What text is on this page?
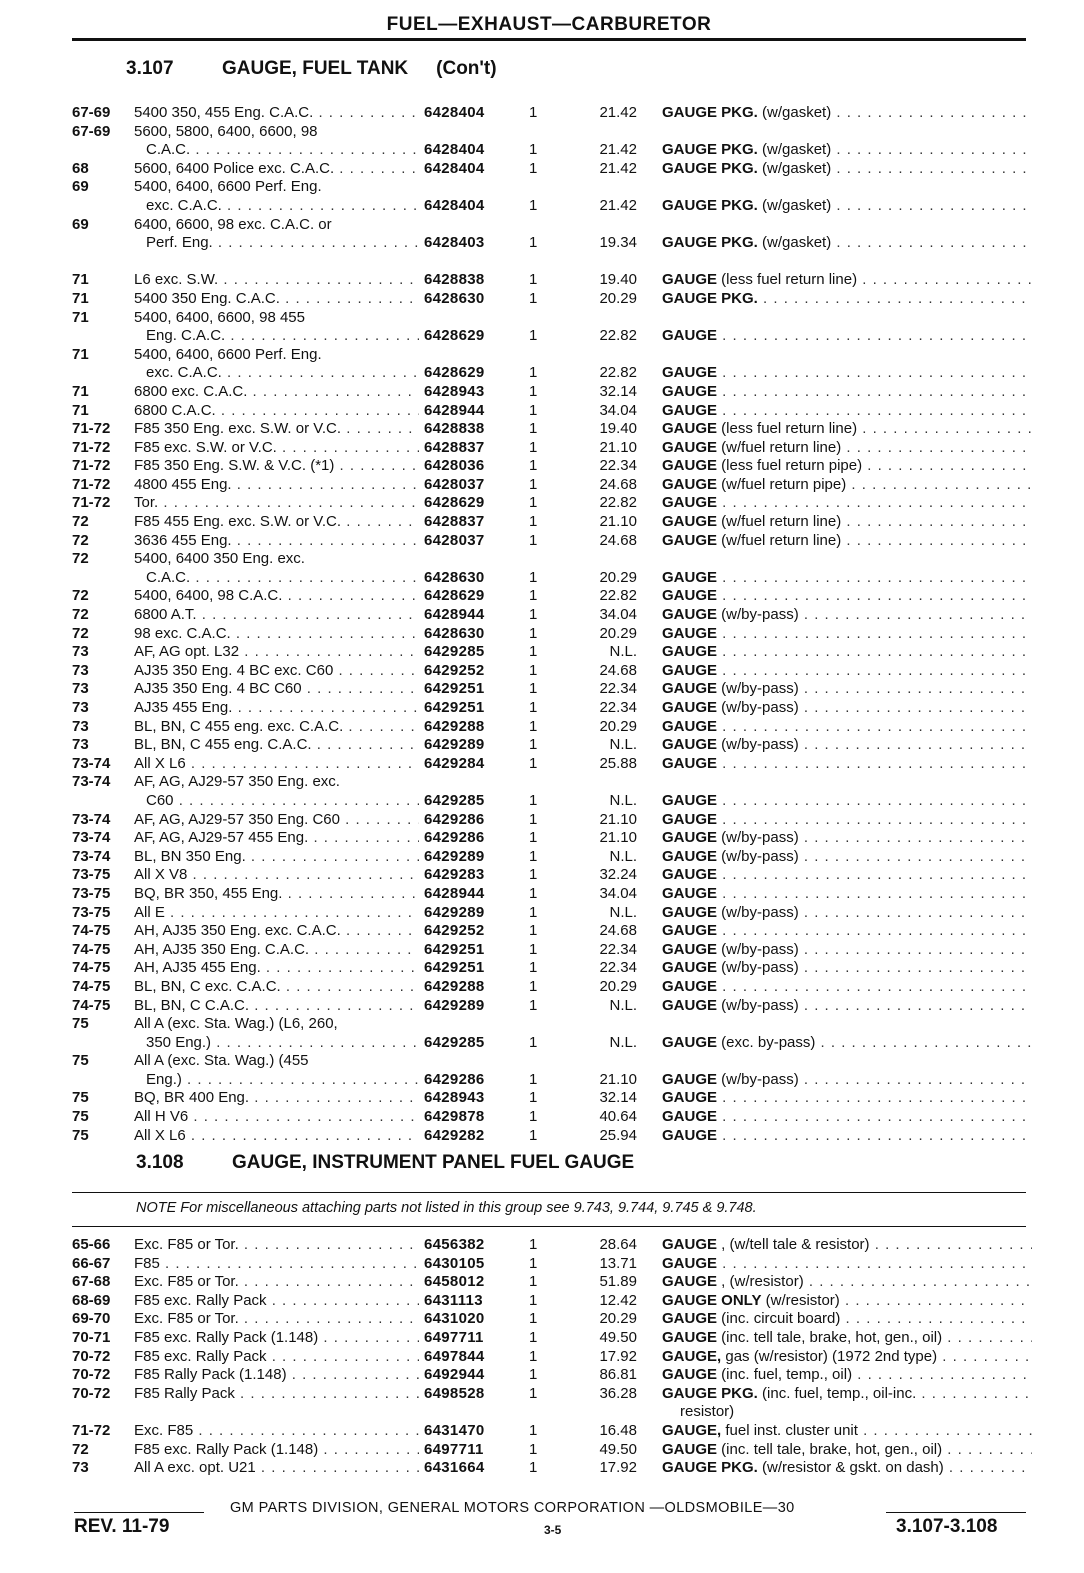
FUEL—EXHAUST—CARBURETOR
3.107	GAUGE, FUEL TANK (Con't)
67-69 5400 350, 455 Eng. C.A.C. . . .	6428404	1	21.42 GAUGE PKG. (w/gasket) . . .
67-69 5600, 5800, 6400, 6600, 98
C.A.C. . . .	6428404	1	21.42 GAUGE PKG. (w/gasket) . . .
68	5600, 6400 Police exc. C.A.C. . . .	6428404	1	21.42 GAUGE PKG. (w/gasket) . . .
69	5400, 6400, 6600 Perf. Eng.
exc. C.A.C. . . .	6428404	1	21.42 GAUGE PKG. (w/gasket) . . .
69	6400, 6600, 98 exc. C.A.C. or
Perf. Eng. . . .	6428403	1	19.34 GAUGE PKG. (w/gasket) . . .
71	L6 exc. S.W. . . .	6428838	1	19.40 GAUGE (less fuel return line) . . .
71	5400 350 Eng. C.A.C. . . .	6428630	1	20.29 GAUGE PKG. . . .
71	5400, 6400, 6600, 98 455
Eng. C.A.C. . . .	6428629	1	22.82 GAUGE . . .
71	5400, 6400, 6600 Perf. Eng.
exc. C.A.C. . . .	6428629	1	22.82 GAUGE . . .
71	6800 exc. C.A.C. . . .	6428943	1	32.14 GAUGE . . .
71	6800 C.A.C. . . .	6428944	1	34.04 GAUGE . . .
71-72 F85 350 Eng. exc. S.W. or V.C. . . .	6428838	1	19.40 GAUGE (less fuel return line) . . .
71-72 F85 exc. S.W. or V.C. . . .	6428837	1	21.10 GAUGE (w/fuel return line) . . .
71-72 F85 350 Eng. S.W. & V.C. (*1) . . .	6428036	1	22.34 GAUGE (less fuel return pipe) . . .
71-72 4800 455 Eng. . . .	6428037	1	24.68 GAUGE (w/fuel return pipe) . . .
71-72 Tor. . . .	6428629	1	22.82 GAUGE . . .
72	F85 455 Eng. exc. S.W. or V.C. . . .	6428837	1	21.10 GAUGE (w/fuel return line) . . .
72	3636 455 Eng. . . .	6428037	1	24.68 GAUGE (w/fuel return line) . . .
72	5400, 6400 350 Eng. exc.
C.A.C. . . .	6428630	1	20.29 GAUGE . . .
72	5400, 6400, 98 C.A.C. . . .	6428629	1	22.82 GAUGE . . .
72	6800 A.T. . . .	6428944	1	34.04 GAUGE (w/by-pass) . . .
72	98 exc. C.A.C. . . .	6428630	1	20.29 GAUGE . . .
73	AF, AG opt. L32 . . .	6429285	1	N.L. GAUGE . . .
73	AJ35 350 Eng. 4 BC exc. C60 . . .	6429252	1	24.68 GAUGE . . .
73	AJ35 350 Eng. 4 BC C60 . . .	6429251	1	22.34 GAUGE (w/by-pass) . . .
73	AJ35 455 Eng. . . .	6429251	1	22.34 GAUGE (w/by-pass) . . .
73	BL, BN, C 455 eng. exc. C.A.C. . . .	6429288	1	20.29 GAUGE . . .
73	BL, BN, C 455 eng. C.A.C. . . .	6429289	1	N.L. GAUGE (w/by-pass) . . .
73-74 All X L6 . . .	6429284	1	25.88 GAUGE . . .
73-74 AF, AG, AJ29-57 350 Eng. exc.
C60 . . .	6429285	1	N.L. GAUGE . . .
73-74 AF, AG, AJ29-57 350 Eng. C60 . . .	6429286	1	21.10 GAUGE . . .
73-74 AF, AG, AJ29-57 455 Eng. . . .	6429286	1	21.10 GAUGE (w/by-pass) . . .
73-74 BL, BN 350 Eng. . . .	6429289	1	N.L. GAUGE (w/by-pass) . . .
73-75 All X V8 . . .	6429283	1	32.24 GAUGE . . .
73-75 BQ, BR 350, 455 Eng. . . .	6428944	1	34.04 GAUGE . . .
73-75 All E . . .	6429289	1	N.L. GAUGE (w/by-pass) . . .
74-75 AH, AJ35 350 Eng. exc. C.A.C. . . .	6429252	1	24.68 GAUGE . . .
74-75 AH, AJ35 350 Eng. C.A.C. . . .	6429251	1	22.34 GAUGE (w/by-pass) . . .
74-75 AH, AJ35 455 Eng. . . .	6429251	1	22.34 GAUGE (w/by-pass) . . .
74-75 BL, BN, C exc. C.A.C. . . .	6429288	1	20.29 GAUGE . . .
74-75 BL, BN, C C.A.C. . . .	6429289	1	N.L. GAUGE (w/by-pass) . . .
75	All A (exc. Sta. Wag.) (L6, 260,
350 Eng.) . . .	6429285	1	N.L. GAUGE (exc. by-pass) . . .
75	All A (exc. Sta. Wag.) (455
Eng.) . . .	6429286	1	21.10 GAUGE (w/by-pass) . . .
75	BQ, BR 400 Eng. . . .	6428943	1	32.14 GAUGE . . .
75	All H V6 . . .	6429878	1	40.64 GAUGE . . .
75	All X L6 . . .	6429282	1	25.94 GAUGE . . .
3.108	GAUGE, INSTRUMENT PANEL FUEL GAUGE
NOTE For miscellaneous attaching parts not listed in this group see 9.743, 9.744, 9.745 & 9.748.
65-66 Exc. F85 or Tor. . . .	6456382	1	28.64 GAUGE , (w/tell tale & resistor) . . .
66-67 F85 . . .	6430105	1	13.71 GAUGE . . .
67-68 Exc. F85 or Tor. . . .	6458012	1	51.89 GAUGE , (w/resistor) . . .
68-69 F85 exc. Rally Pack . . .	6431113	1	12.42 GAUGE ONLY (w/resistor) . . .
69-70 Exc. F85 or Tor. . . .	6431020	1	20.29 GAUGE (inc. circuit board) . . .
70-71 F85 exc. Rally Pack (1.148) . . .	6497711	1	49.50 GAUGE (inc. tell tale, brake, hot, gen., oil) . . .
70-72 F85 exc. Rally Pack . . .	6497844	1	17.92 GAUGE, gas (w/resistor) (1972 2nd type) . . .
70-72 F85 Rally Pack (1.148) . . .	6492944	1	86.81 GAUGE (inc. fuel, temp., oil) . . .
70-72 F85 Rally Pack . . .	6498528	1	36.28 GAUGE PKG. (inc. fuel, temp., oil-inc. . . .
resistor)
71-72 Exc. F85 . . .	6431470	1	16.48 GAUGE, fuel inst. cluster unit . . .
72	F85 exc. Rally Pack (1.148) . . .	6497711	1	49.50 GAUGE (inc. tell tale, brake, hot, gen., oil) . . .
73	All A exc. opt. U21 . . .	6431664	1	17.92 GAUGE PKG. (w/resistor & gskt. on dash) . . .
GM PARTS DIVISION, GENERAL MOTORS CORPORATION —OLDSMOBILE—30
REV. 11-79	3-5	3.107-3.108
